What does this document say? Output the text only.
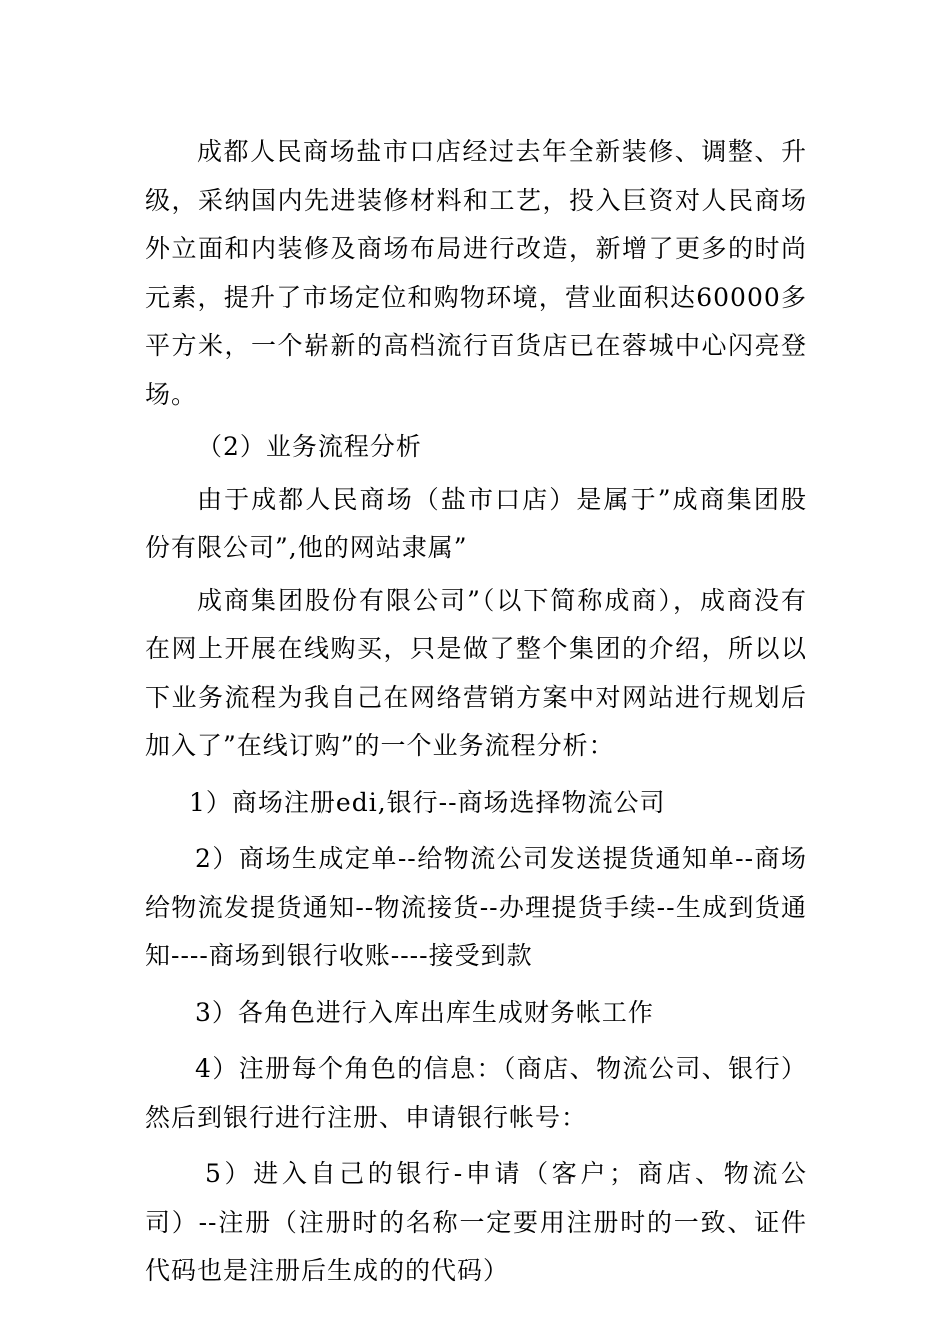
成都人民商场盐市口店经过去年全新装修、调整、升级，采纳国内先进装修材料和工艺，投入巨资对人民商场外立面和内装修及商场布局进行改造，新增了更多的时尚元素，提升了市场定位和购物环境，营业面积达60000多平方米，一个崭新的高档流行百货店已在蓉城中心闪亮登场。

（2）业务流程分析

由于成都人民商场（盐市口店）是属于”成商集团股份有限公司”,他的网站隶属”

成商集团股份有限公司”（以下简称成商），成商没有在网上开展在线购买，只是做了整个集团的介绍，所以以下业务流程为我自己在网络营销方案中对网站进行规划后加入了”在线订购”的一个业务流程分析：

1）商场注册edi,银行--商场选择物流公司

2）商场生成定单--给物流公司发送提货通知单--商场给物流发提货通知--物流接货--办理提货手续--生成到货通知----商场到银行收账----接受到款

3）各角色进行入库出库生成财务帐工作

4）注册每个角色的信息：（商店、物流公司、银行）然后到银行进行注册、申请银行帐号：

5）进入自己的银行-申请（客户；商店、物流公司）--注册（注册时的名称一定要用注册时的一致、证件代码也是注册后生成的的代码）
